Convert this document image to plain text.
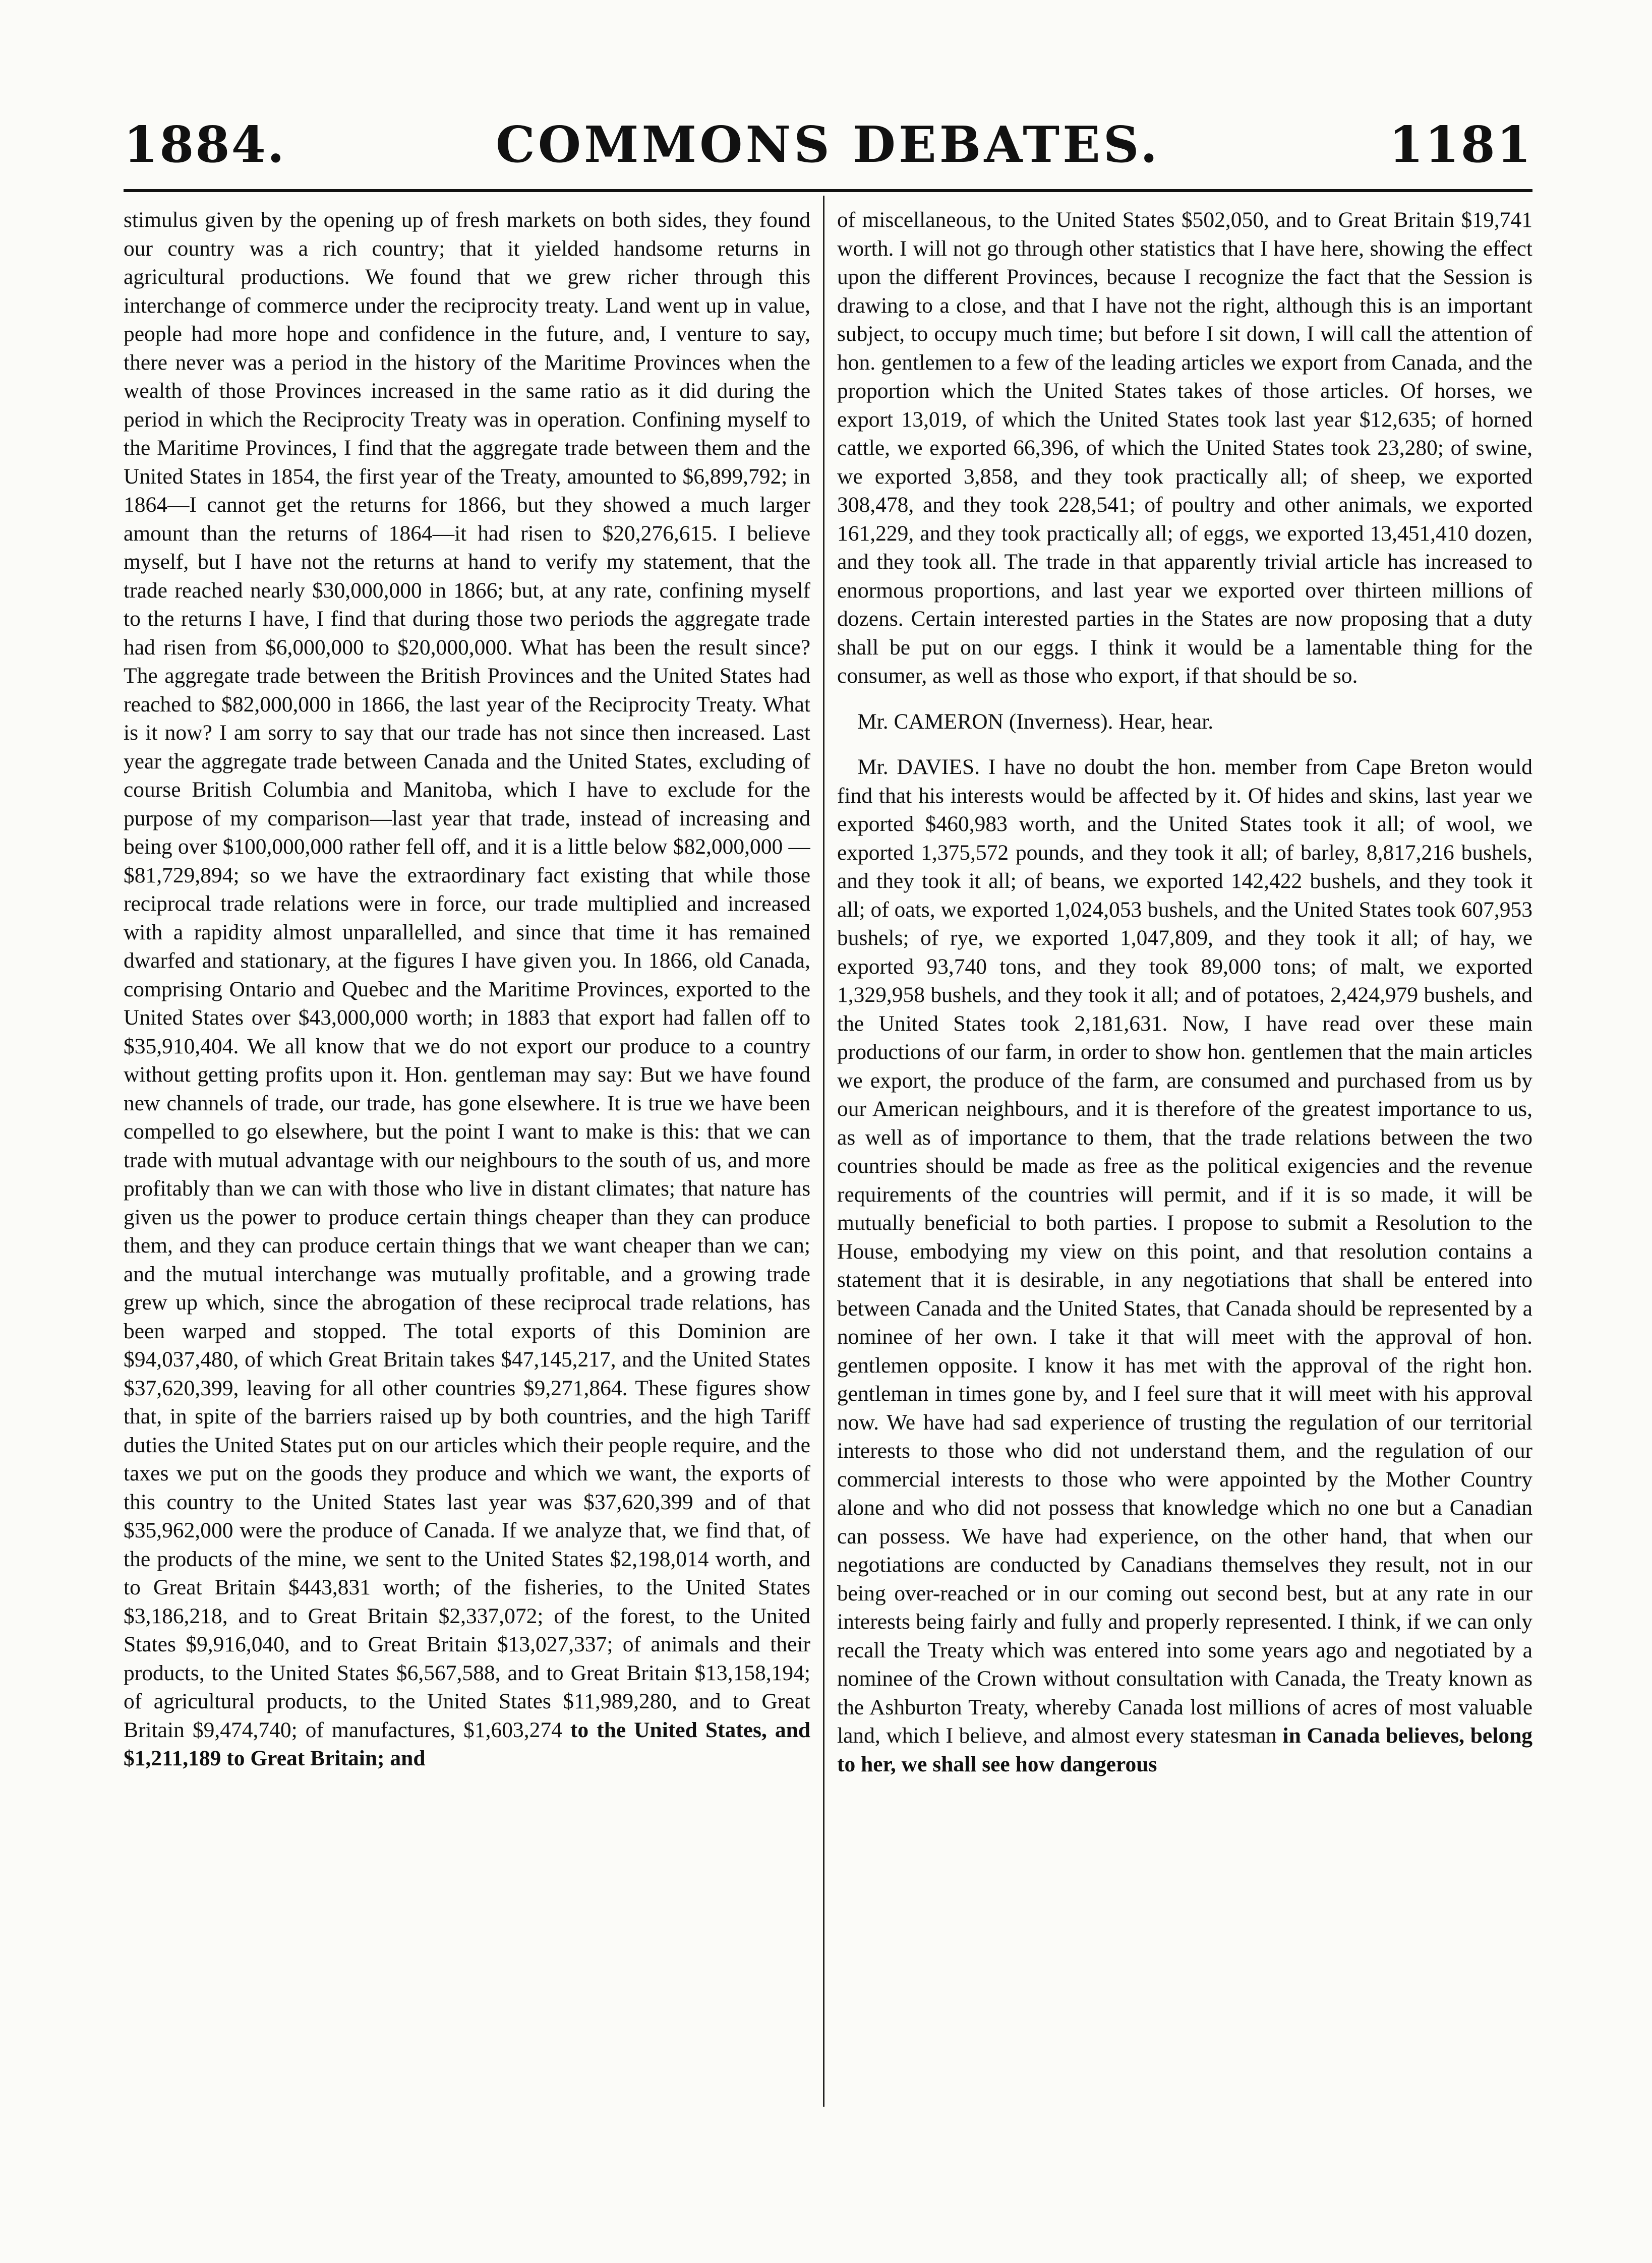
1884.	COMMONS DEBATES.	1181

stimulus given by the opening up of fresh markets on both sides, they found our country was a rich country; that it yielded handsome returns in agricultural productions. We found that we grew richer through this interchange of commerce under the reciprocity treaty. Land went up in value, people had more hope and confidence in the future, and, I venture to say, there never was a period in the history of the Maritime Provinces when the wealth of those Provinces increased in the same ratio as it did during the period in which the Reciprocity Treaty was in operation. Confining myself to the Maritime Provinces, I find that the aggregate trade between them and the United States in 1854, the first year of the Treaty, amounted to $6,899,792; in 1864—I cannot get the returns for 1866, but they showed a much larger amount than the returns of 1864—it had risen to $20,276,615. I believe myself, but I have not the returns at hand to verify my statement, that the trade reached nearly $30,000,000 in 1866; but, at any rate, confining myself to the returns I have, I find that during those two periods the aggregate trade had risen from $6,000,000 to $20,000,000. What has been the result since? The aggregate trade between the British Provinces and the United States had reached to $82,000,000 in 1866, the last year of the Reciprocity Treaty. What is it now? I am sorry to say that our trade has not since then increased. Last year the aggregate trade between Canada and the United States, excluding of course British Columbia and Manitoba, which I have to exclude for the purpose of my comparison—last year that trade, instead of increasing and being over $100,000,000 rather fell off, and it is a little below $82,000,000 —$81,729,894; so we have the extraordinary fact existing that while those reciprocal trade relations were in force, our trade multiplied and increased with a rapidity almost unparallelled, and since that time it has remained dwarfed and stationary, at the figures I have given you. In 1866, old Canada, comprising Ontario and Quebec and the Maritime Provinces, exported to the United States over $43,000,000 worth; in 1883 that export had fallen off to $35,910,404. We all know that we do not export our produce to a country without getting profits upon it. Hon. gentleman may say: But we have found new channels of trade, our trade, has gone elsewhere. It is true we have been compelled to go elsewhere, but the point I want to make is this: that we can trade with mutual advantage with our neighbours to the south of us, and more profitably than we can with those who live in distant climates; that nature has given us the power to produce certain things cheaper than they can produce them, and they can produce certain things that we want cheaper than we can; and the mutual interchange was mutually profitable, and a growing trade grew up which, since the abrogation of these reciprocal trade relations, has been warped and stopped. The total exports of this Dominion are $94,037,480, of which Great Britain takes $47,145,217, and the United States $37,620,399, leaving for all other countries $9,271,864. These figures show that, in spite of the barriers raised up by both countries, and the high Tariff duties the United States put on our articles which their people require, and the taxes we put on the goods they produce and which we want, the exports of this country to the United States last year was $37,620,399 and of that $35,962,000 were the produce of Canada. If we analyze that, we find that, of the products of the mine, we sent to the United States $2,198,014 worth, and to Great Britain $443,831 worth; of the fisheries, to the United States $3,186,218, and to Great Britain $2,337,072; of the forest, to the United States $9,916,040, and to Great Britain $13,027,337; of animals and their products, to the United States $6,567,588, and to Great Britain $13,158,194; of agricultural products, to the United States $11,989,280, and to Great Britain $9,474,740; of manufactures, $1,603,274 to the United States, and $1,211,189 to Great Britain; and

of miscellaneous, to the United States $502,050, and to Great Britain $19,741 worth. I will not go through other statistics that I have here, showing the effect upon the different Provinces, because I recognize the fact that the Session is drawing to a close, and that I have not the right, although this is an important subject, to occupy much time; but before I sit down, I will call the attention of hon. gentlemen to a few of the leading articles we export from Canada, and the proportion which the United States takes of those articles. Of horses, we export 13,019, of which the United States took last year $12,635; of horned cattle, we exported 66,396, of which the United States took 23,280; of swine, we exported 3,858, and they took practically all; of sheep, we exported 308,478, and they took 228,541; of poultry and other animals, we exported 161,229, and they took practically all; of eggs, we exported 13,451,410 dozen, and they took all. The trade in that apparently trivial article has increased to enormous proportions, and last year we exported over thirteen millions of dozens. Certain interested parties in the States are now proposing that a duty shall be put on our eggs. I think it would be a lamentable thing for the consumer, as well as those who export, if that should be so.

Mr. CAMERON (Inverness). Hear, hear.

Mr. DAVIES. I have no doubt the hon. member from Cape Breton would find that his interests would be affected by it. Of hides and skins, last year we exported $460,983 worth, and the United States took it all; of wool, we exported 1,375,572 pounds, and they took it all; of barley, 8,817,216 bushels, and they took it all; of beans, we exported 142,422 bushels, and they took it all; of oats, we exported 1,024,053 bushels, and the United States took 607,953 bushels; of rye, we exported 1,047,809, and they took it all; of hay, we exported 93,740 tons, and they took 89,000 tons; of malt, we exported 1,329,958 bushels, and they took it all; and of potatoes, 2,424,979 bushels, and the United States took 2,181,631. Now, I have read over these main productions of our farm, in order to show hon. gentlemen that the main articles we export, the produce of the farm, are consumed and purchased from us by our American neighbours, and it is therefore of the greatest importance to us, as well as of importance to them, that the trade relations between the two countries should be made as free as the political exigencies and the revenue requirements of the countries will permit, and if it is so made, it will be mutually beneficial to both parties. I propose to submit a Resolution to the House, embodying my view on this point, and that resolution contains a statement that it is desirable, in any negotiations that shall be entered into between Canada and the United States, that Canada should be represented by a nominee of her own. I take it that will meet with the approval of hon. gentlemen opposite. I know it has met with the approval of the right hon. gentleman in times gone by, and I feel sure that it will meet with his approval now. We have had sad experience of trusting the regulation of our territorial interests to those who did not understand them, and the regulation of our commercial interests to those who were appointed by the Mother Country alone and who did not possess that knowledge which no one but a Canadian can possess. We have had experience, on the other hand, that when our negotiations are conducted by Canadians themselves they result, not in our being over-reached or in our coming out second best, but at any rate in our interests being fairly and fully and properly represented. I think, if we can only recall the Treaty which was entered into some years ago and negotiated by a nominee of the Crown without consultation with Canada, the Treaty known as the Ashburton Treaty, whereby Canada lost millions of acres of most valuable land, which I believe, and almost every statesman in Canada believes, belong to her, we shall see how dangerous
